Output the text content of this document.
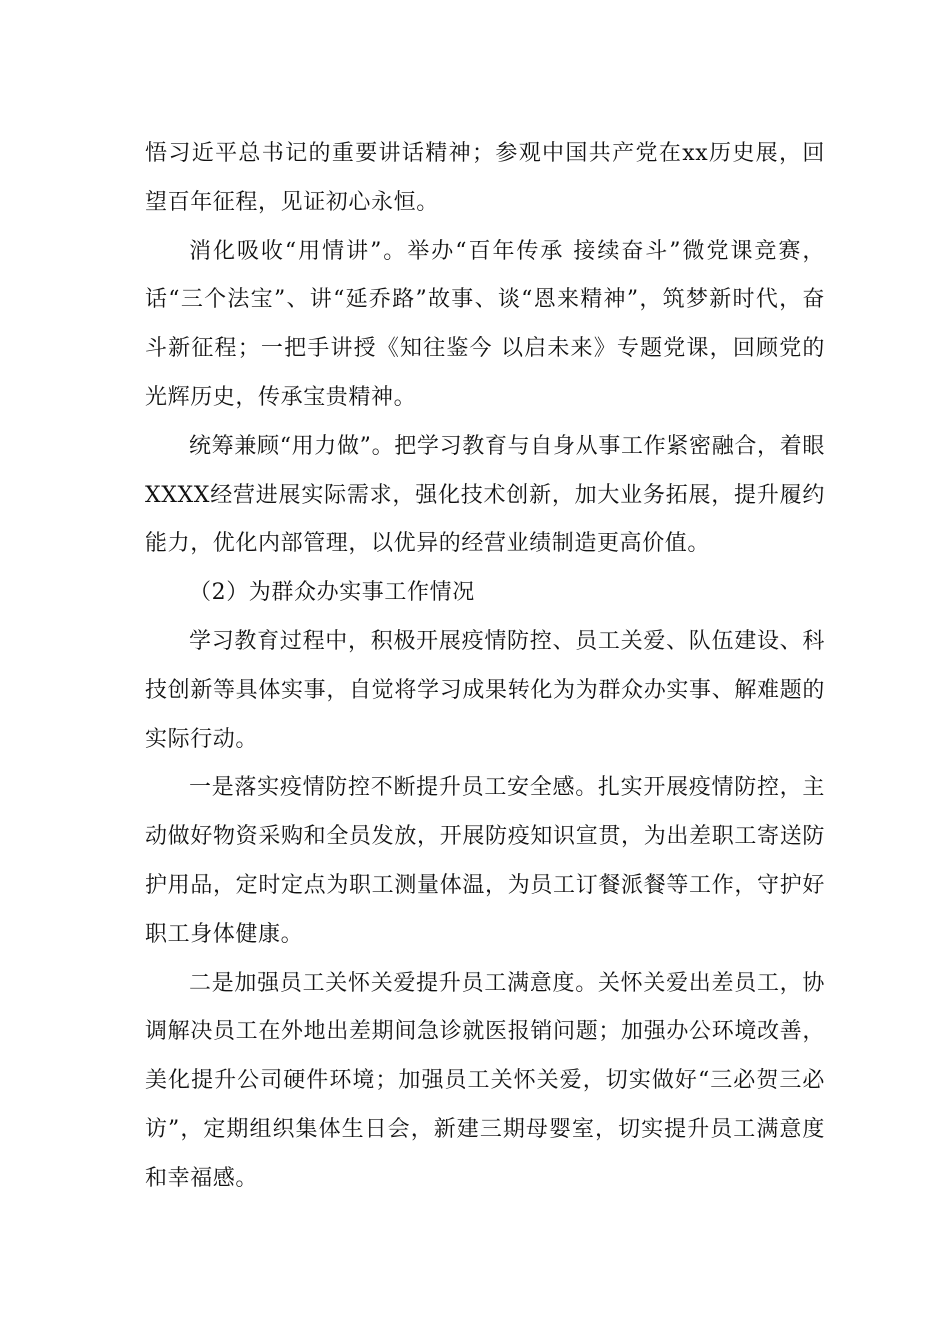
悟习近平总书记的重要讲话精神；参观中国共产党在xx历史展，回望百年征程，见证初心永恒。

消化吸收“用情讲”。举办“百年传承 接续奋斗”微党课竞赛，话“三个法宝”、讲“延乔路”故事、谈“恩来精神”，筑梦新时代，奋斗新征程；一把手讲授《知往鉴今 以启未来》专题党课，回顾党的光辉历史，传承宝贵精神。

统筹兼顾“用力做”。把学习教育与自身从事工作紧密融合，着眼XXXX经营进展实际需求，强化技术创新，加大业务拓展，提升履约能力，优化内部管理，以优异的经营业绩制造更高价值。

（2）为群众办实事工作情况

学习教育过程中，积极开展疫情防控、员工关爱、队伍建设、科技创新等具体实事，自觉将学习成果转化为为群众办实事、解难题的实际行动。

一是落实疫情防控不断提升员工安全感。扎实开展疫情防控，主动做好物资采购和全员发放，开展防疫知识宣贯，为出差职工寄送防护用品，定时定点为职工测量体温，为员工订餐派餐等工作，守护好职工身体健康。

二是加强员工关怀关爱提升员工满意度。关怀关爱出差员工，协调解决员工在外地出差期间急诊就医报销问题；加强办公环境改善，美化提升公司硬件环境；加强员工关怀关爱，切实做好“三必贺三必访”，定期组织集体生日会，新建三期母婴室，切实提升员工满意度和幸福感。
